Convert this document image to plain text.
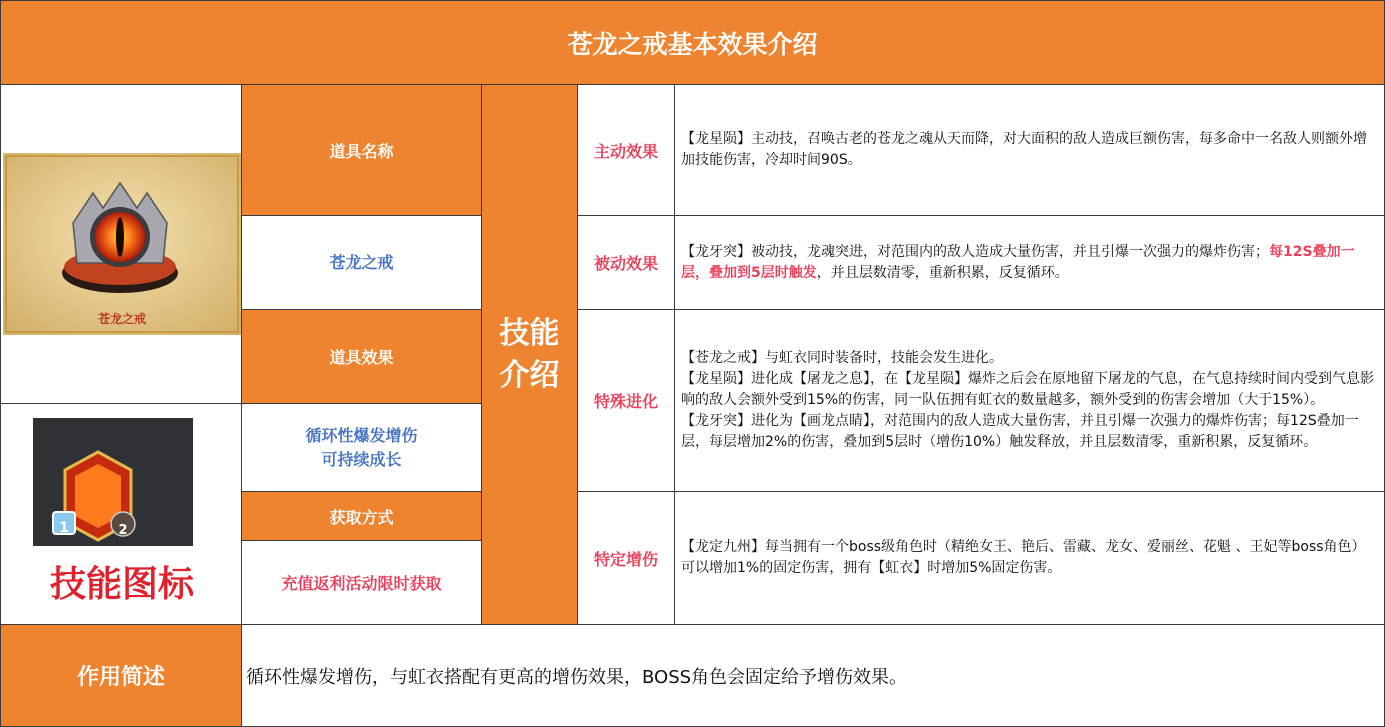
苍龙之戒基本效果介绍
苍龙之戒
1	2
技能图标
道具名称
苍龙之戒
道具效果
循环性爆发增伤
可持续成长
获取方式
充值返利活动限时获取
技能
介绍
主动效果
被动效果
特殊进化
特定增伤

【龙星陨】主动技，召唤古老的苍龙之魂从天而降，对大面积的敌人造成巨额伤害，每多命中一名敌人则额外增加技能伤害，冷却时间90S。

【龙牙突】被动技，龙魂突进，对范围内的敌人造成大量伤害，并且引爆一次强力的爆炸伤害；每12S叠加一层，叠加到5层时触发，并且层数清零，重新积累，反复循环。

【苍龙之戒】与虹衣同时装备时，技能会发生进化。

【龙星陨】进化成【屠龙之息】，在【龙星陨】爆炸之后会在原地留下屠龙的气息，在气息持续时间内受到气息影响的敌人会额外受到15%的伤害，同一队伍拥有虹衣的数量越多，额外受到的伤害会增加（大于15%）。

【龙牙突】进化为【画龙点睛】，对范围内的敌人造成大量伤害，并且引爆一次强力的爆炸伤害；每12S叠加一层，每层增加2%的伤害，叠加到5层时（增伤10%）触发释放，并且层数清零，重新积累，反复循环。

【龙定九州】每当拥有一个boss级角色时（精绝女王、艳后、雷藏、龙女、爱丽丝、花魁 、王妃等boss角色）可以增加1%的固定伤害，拥有【虹衣】时增加5%固定伤害。

作用简述	循环性爆发增伤，与虹衣搭配有更高的增伤效果，BOSS角色会固定给予增伤效果。
